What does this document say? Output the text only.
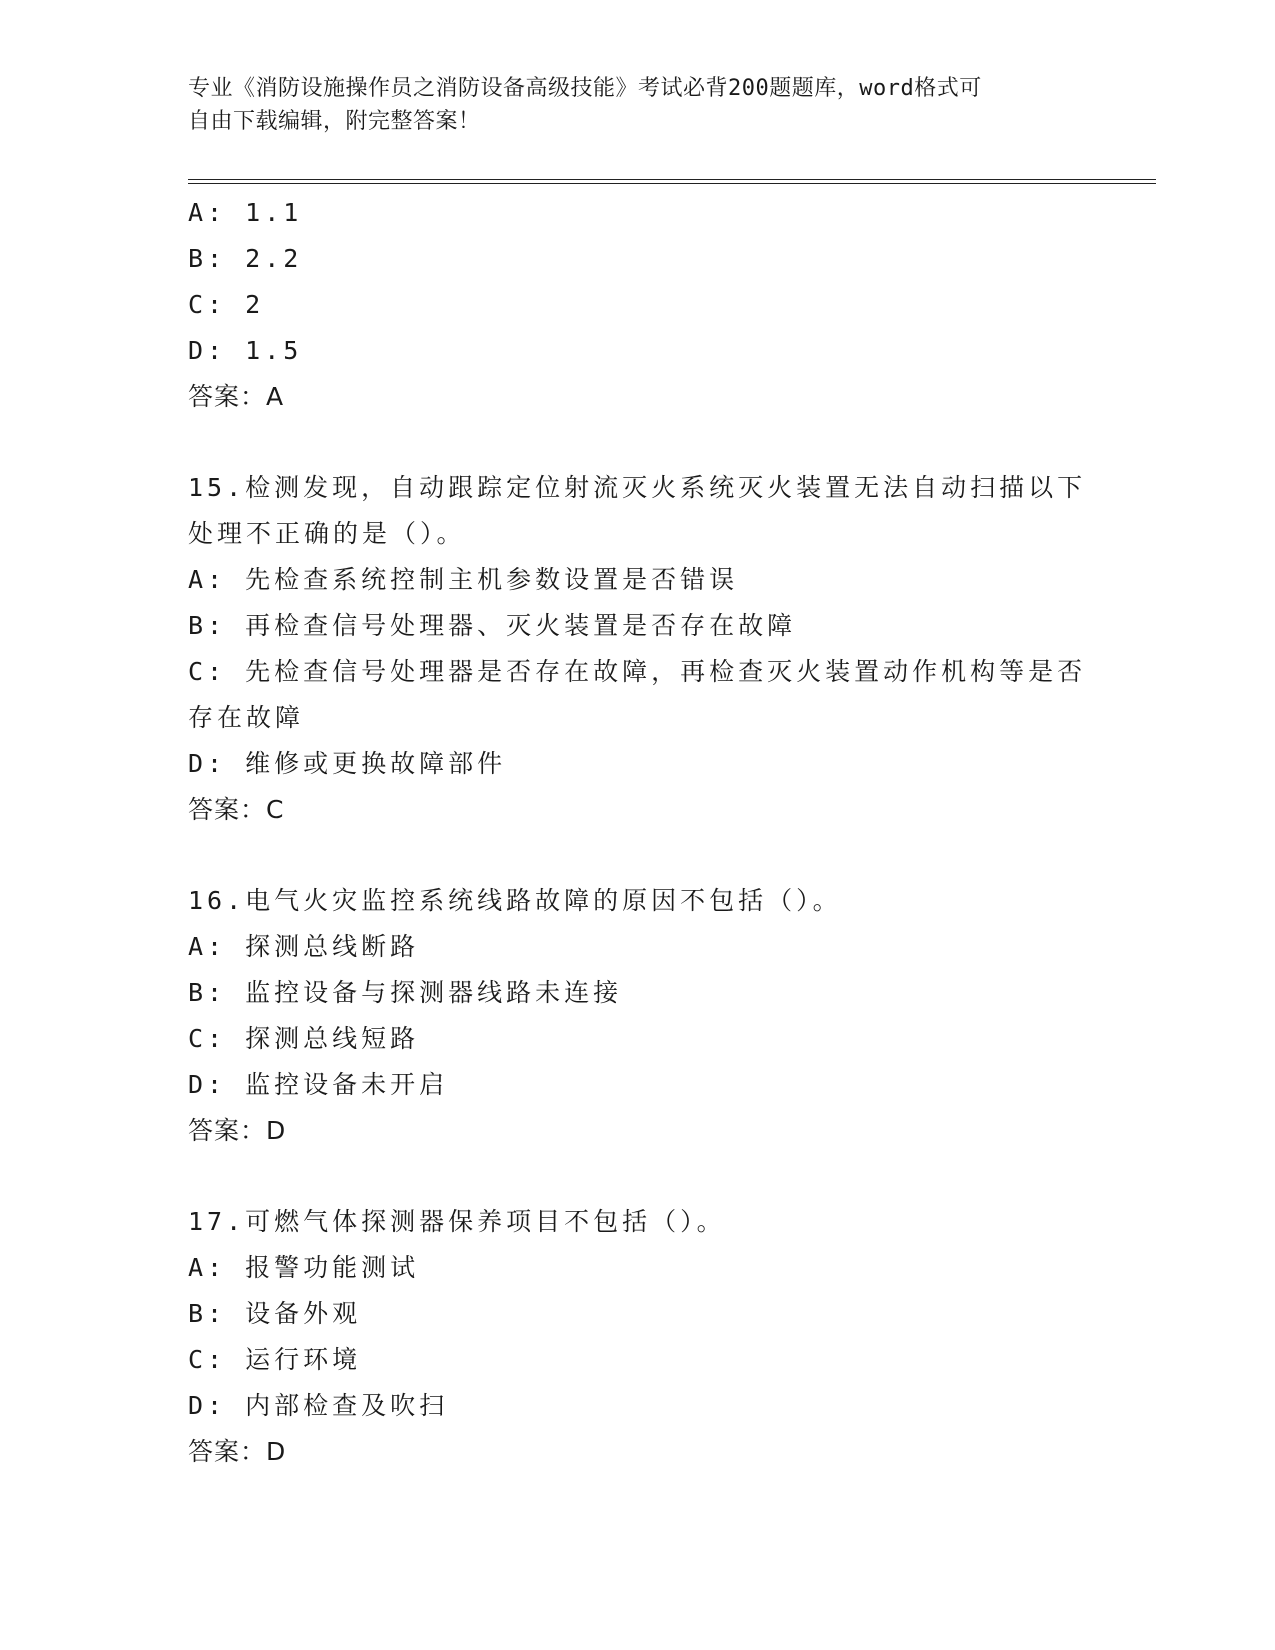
专业《消防设施操作员之消防设备高级技能》考试必背200题题库，word格式可
自由下载编辑，附完整答案！
A: 1.1
B: 2.2
C: 2
D: 1.5
答案：A
15.检测发现，自动跟踪定位射流灭火系统灭火装置无法自动扫描以下处理不正确的是（）。
A: 先检查系统控制主机参数设置是否错误
B: 再检查信号处理器、灭火装置是否存在故障
C: 先检查信号处理器是否存在故障，再检查灭火装置动作机构等是否存在故障
D: 维修或更换故障部件
答案：C
16.电气火灾监控系统线路故障的原因不包括（）。
A: 探测总线断路
B: 监控设备与探测器线路未连接
C: 探测总线短路
D: 监控设备未开启
答案：D
17.可燃气体探测器保养项目不包括（）。
A: 报警功能测试
B: 设备外观
C: 运行环境
D: 内部检查及吹扫
答案：D
